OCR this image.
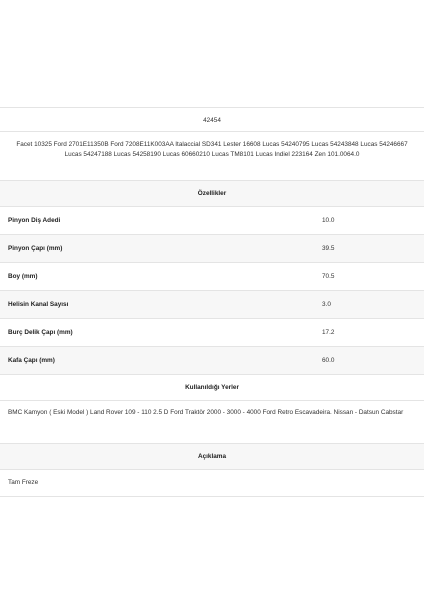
42454
Facet 10325 Ford 2701E11350B Ford 7208E11K003AA Italaccial SD341 Lester 16608 Lucas 54240795 Lucas 54243848 Lucas 54246667 Lucas 54247188 Lucas 54258190 Lucas 60660210 Lucas TM8101 Lucas Indiel 223164 Zen 101.0064.0
Özellikler
Pinyon Diş Adedi	10.0
Pinyon Çapı (mm)	39.5
Boy (mm)	70.5
Helisin Kanal Sayısı	3.0
Burç Delik Çapı (mm)	17.2
Kafa Çapı (mm)	60.0
Kullanıldığı Yerler
BMC Kamyon ( Eski Model ) Land Rover 109 - 110 2.5 D Ford Traktör 2000 - 3000 - 4000 Ford Retro Escavadeira. Nissan - Datsun Cabstar
Açıklama
Tam Freze
